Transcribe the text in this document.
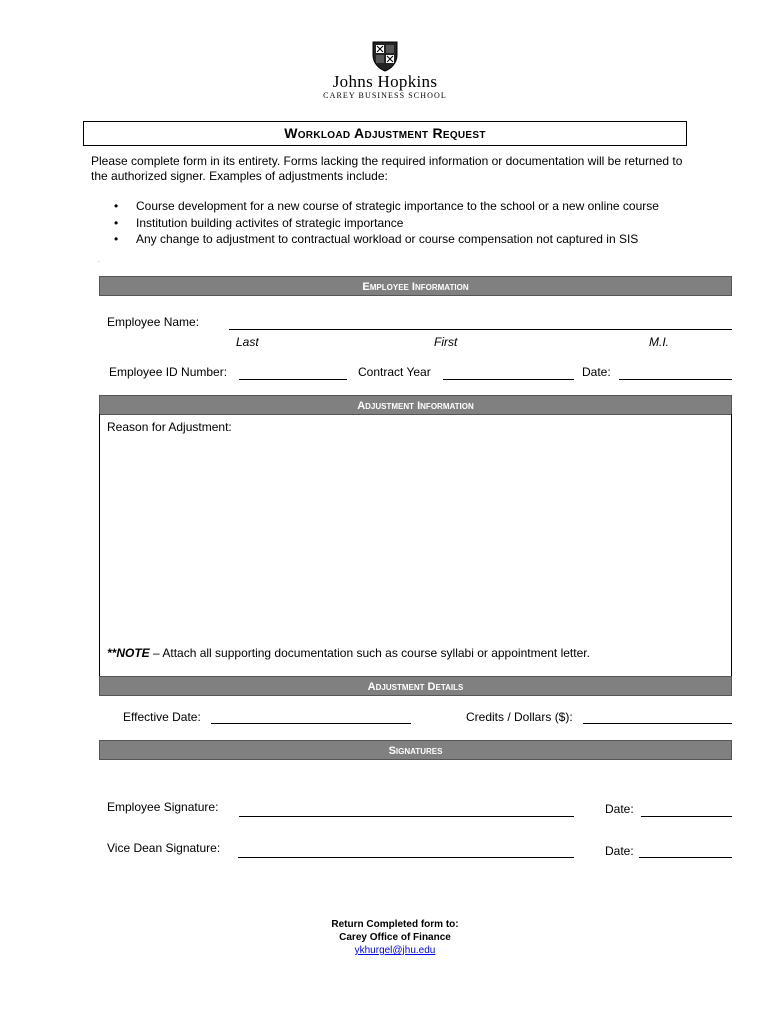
Johns Hopkins
CAREY BUSINESS SCHOOL
Workload Adjustment Request
Please complete form in its entirety. Forms lacking the required information or documentation will be returned to the authorized signer. Examples of adjustments include:
• Course development for a new course of strategic importance to the school or a new online course
• Institution building activites of strategic importance
• Any change to adjustment to contractual workload or course compensation not captured in SIS
.
Employee Information
Employee Name:
Last	First	M.I.
Employee ID Number:	Contract Year	Date:
Adjustment Information
Reason for Adjustment:
**NOTE – Attach all supporting documentation such as course syllabi or appointment letter.
Adjustment Details
Effective Date:	Credits / Dollars ($):
Signatures
Employee Signature:	Date:
Vice Dean Signature:	Date:
Return Completed form to:
Carey Office of Finance
ykhurgel@jhu.edu
